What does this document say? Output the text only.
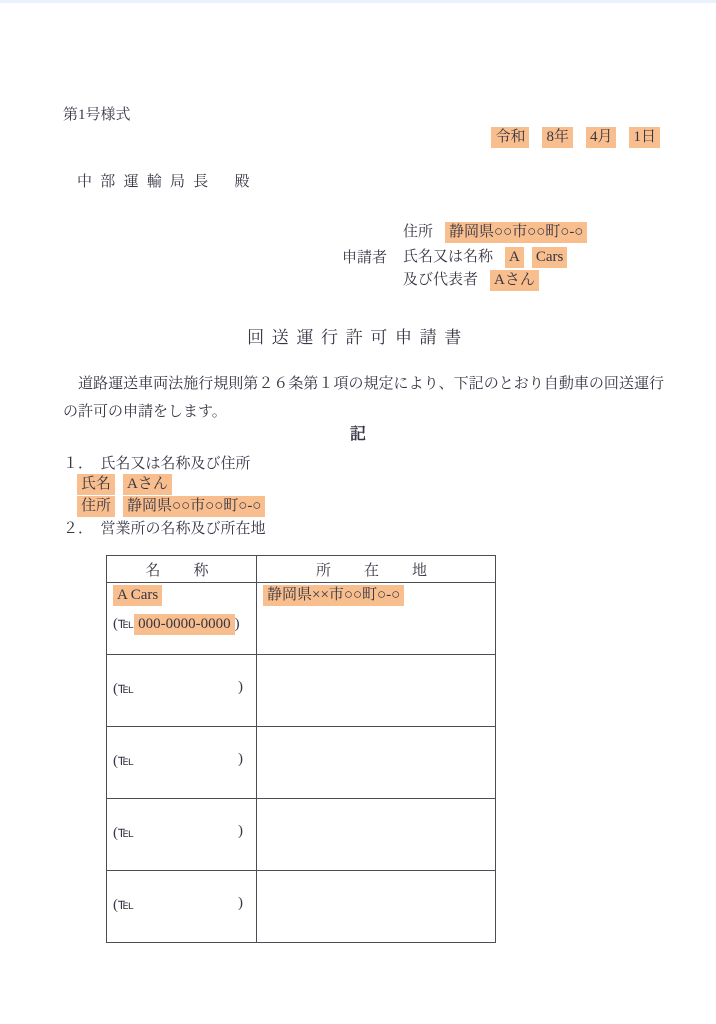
第1号様式
令和 8年 4月 1日
中部運輸局長 殿
申請者
住所 静岡県○○市○○町○-○
氏名又は名称 A Cars
及び代表者 Aさん
回送運行許可申請書
　道路運送車両法施行規則第２６条第１項の規定により、下記のとおり自動車の回送運行の許可の申請をします。
記
１．　氏名又は名称及び住所
氏名 Aさん
住所 静岡県○○市○○町○-○
２．　営業所の名称及び所在地
名　称	所　在　地

A Cars
(℡ 000-0000-0000 )	静岡県××市○○町○-○

(℡ )	

(℡ )	

(℡ )	

(℡ )	
